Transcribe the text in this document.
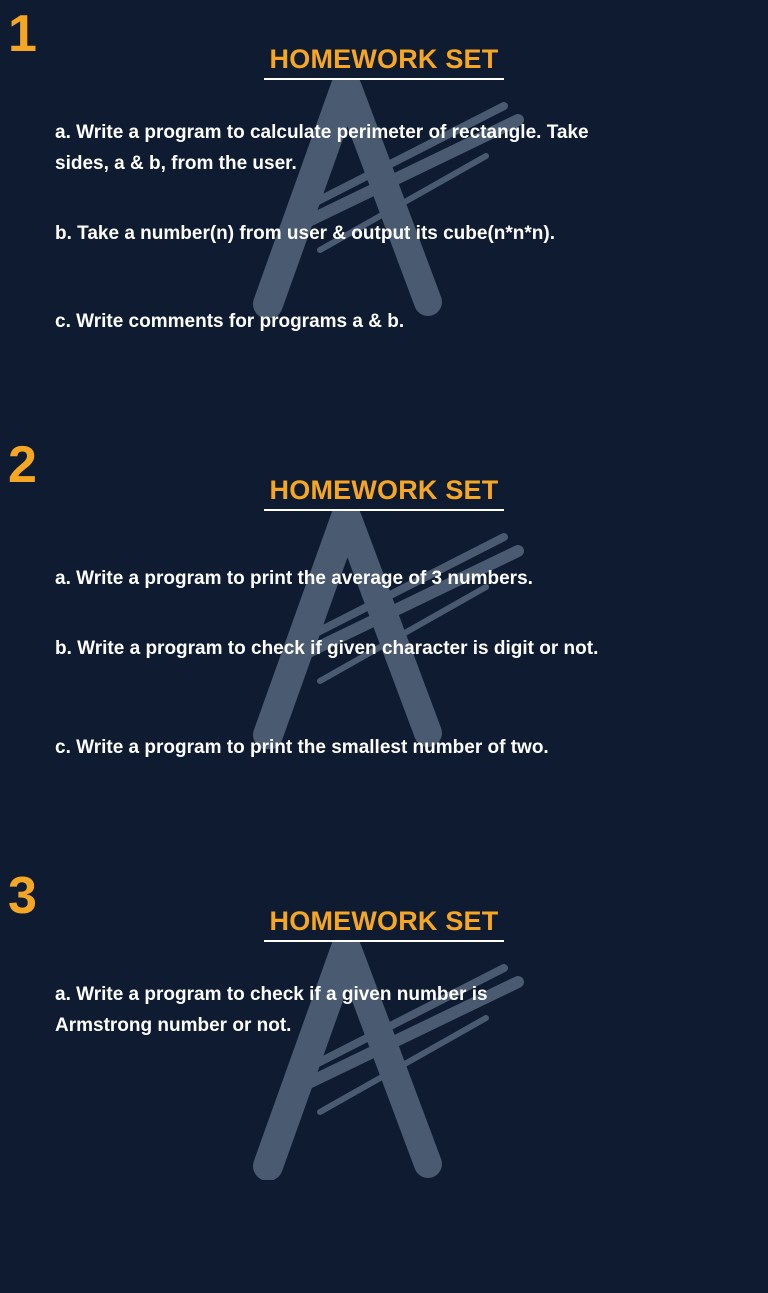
1	HOMEWORK SET

a. Write a program to calculate perimeter of rectangle. Take sides, a & b, from the user.

b. Take a number(n) from user & output its cube(n*n*n).

c. Write comments for programs a & b.

2	HOMEWORK SET

a. Write a program to print the average of 3 numbers.

b. Write a program to check if given character is digit or not.

c. Write a program to print the smallest number of two.

3	HOMEWORK SET

a. Write a program to check if a given number is Armstrong number or not.
